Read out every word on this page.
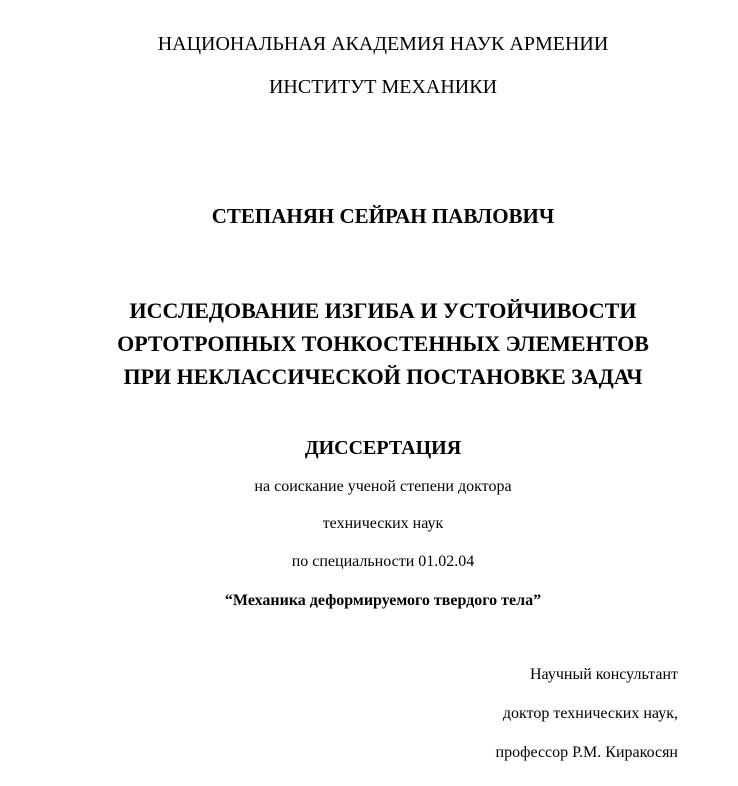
НАЦИОНАЛЬНАЯ АКАДЕМИЯ НАУК АРМЕНИИ
ИНСТИТУТ МЕХАНИКИ
СТЕПАНЯН СЕЙРАН ПАВЛОВИЧ
ИССЛЕДОВАНИЕ ИЗГИБА И УСТОЙЧИВОСТИ
ОРТОТРОПНЫХ ТОНКОСТЕННЫХ ЭЛЕМЕНТОВ
ПРИ НЕКЛАССИЧЕСКОЙ ПОСТАНОВКЕ ЗАДАЧ
ДИССЕРТАЦИЯ
на соискание ученой степени доктора
технических наук
по специальности 01.02.04
“Механика деформируемого твердого тела”
Научный консультант
доктор технических наук,
профессор Р.М. Киракосян
